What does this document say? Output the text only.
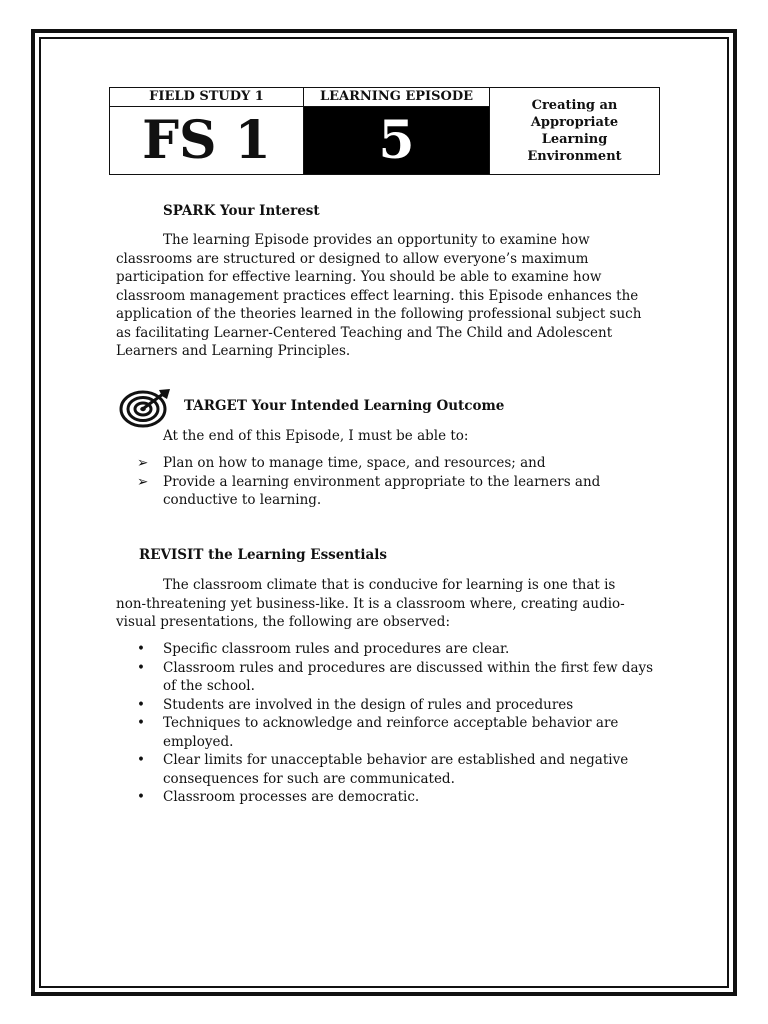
FIELD STUDY 1	LEARNING EPISODE	Creating an
Appropriate
Learning
Environment

FS 1	5	
SPARK Your Interest

The learning Episode provides an opportunity to examine how classrooms are structured or designed to allow everyone’s maximum participation for effective learning. You should be able to examine how classroom management practices effect learning. this Episode enhances the application of the theories learned in the following professional subject such as facilitating Learner-Centered Teaching and The Child and Adolescent Learners and Learning Principles.

TARGET Your Intended Learning Outcome

At the end of this Episode, I must be able to:

➢ Plan on how to manage time, space, and resources; and
➢ Provide a learning environment appropriate to the learners and conductive to learning.
REVISIT the Learning Essentials

The classroom climate that is conducive for learning is one that is non-threatening yet business-like. It is a classroom where, creating audio-visual presentations, the following are observed:

• Specific classroom rules and procedures are clear.
• Classroom rules and procedures are discussed within the first few days of the school.
• Students are involved in the design of rules and procedures
• Techniques to acknowledge and reinforce acceptable behavior are employed.
• Clear limits for unacceptable behavior are established and negative consequences for such are communicated.
• Classroom processes are democratic.
